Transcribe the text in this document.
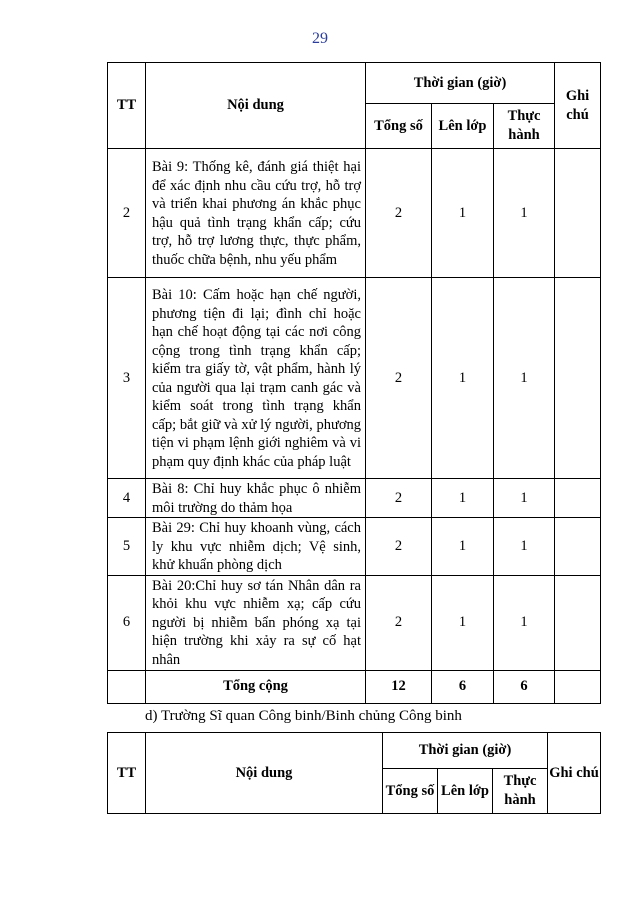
29
TT	Nội dung	Thời gian (giờ)			Ghi chú
		Tổng số	Lên lớp	Thực hành	
2	Bài 9: Thống kê, đánh giá thiệt hại để xác định nhu cầu cứu trợ, hỗ trợ và triển khai phương án khắc phục hậu quả tình trạng khẩn cấp; cứu trợ, hỗ trợ lương thực, thực phẩm, thuốc chữa bệnh, nhu yếu phẩm	2	1	1	
3	Bài 10: Cấm hoặc hạn chế người, phương tiện đi lại; đình chỉ hoặc hạn chế hoạt động tại các nơi công cộng trong tình trạng khẩn cấp; kiểm tra giấy tờ, vật phẩm, hành lý của người qua lại trạm canh gác và kiểm soát trong tình trạng khẩn cấp; bắt giữ và xử lý người, phương tiện vi phạm lệnh giới nghiêm và vi phạm quy định khác của pháp luật	2	1	1	
4	Bài 8: Chỉ huy khắc phục ô nhiễm môi trường do thảm họa	2	1	1	
5	Bài 29: Chỉ huy khoanh vùng, cách ly khu vực nhiễm dịch; Vệ sinh, khử khuẩn phòng dịch	2	1	1	
6	Bài 20:Chỉ huy sơ tán Nhân dân ra khỏi khu vực nhiễm xạ; cấp cứu người bị nhiễm bẩn phóng xạ tại hiện trường khi xảy ra sự cố hạt nhân	2	1	1	
	Tổng cộng	12	6	6	
d) Trường Sĩ quan Công binh/Binh chủng Công binh
TT	Nội dung	Thời gian (giờ)			Ghi chú
		Tổng số	Lên lớp	Thực hành	
